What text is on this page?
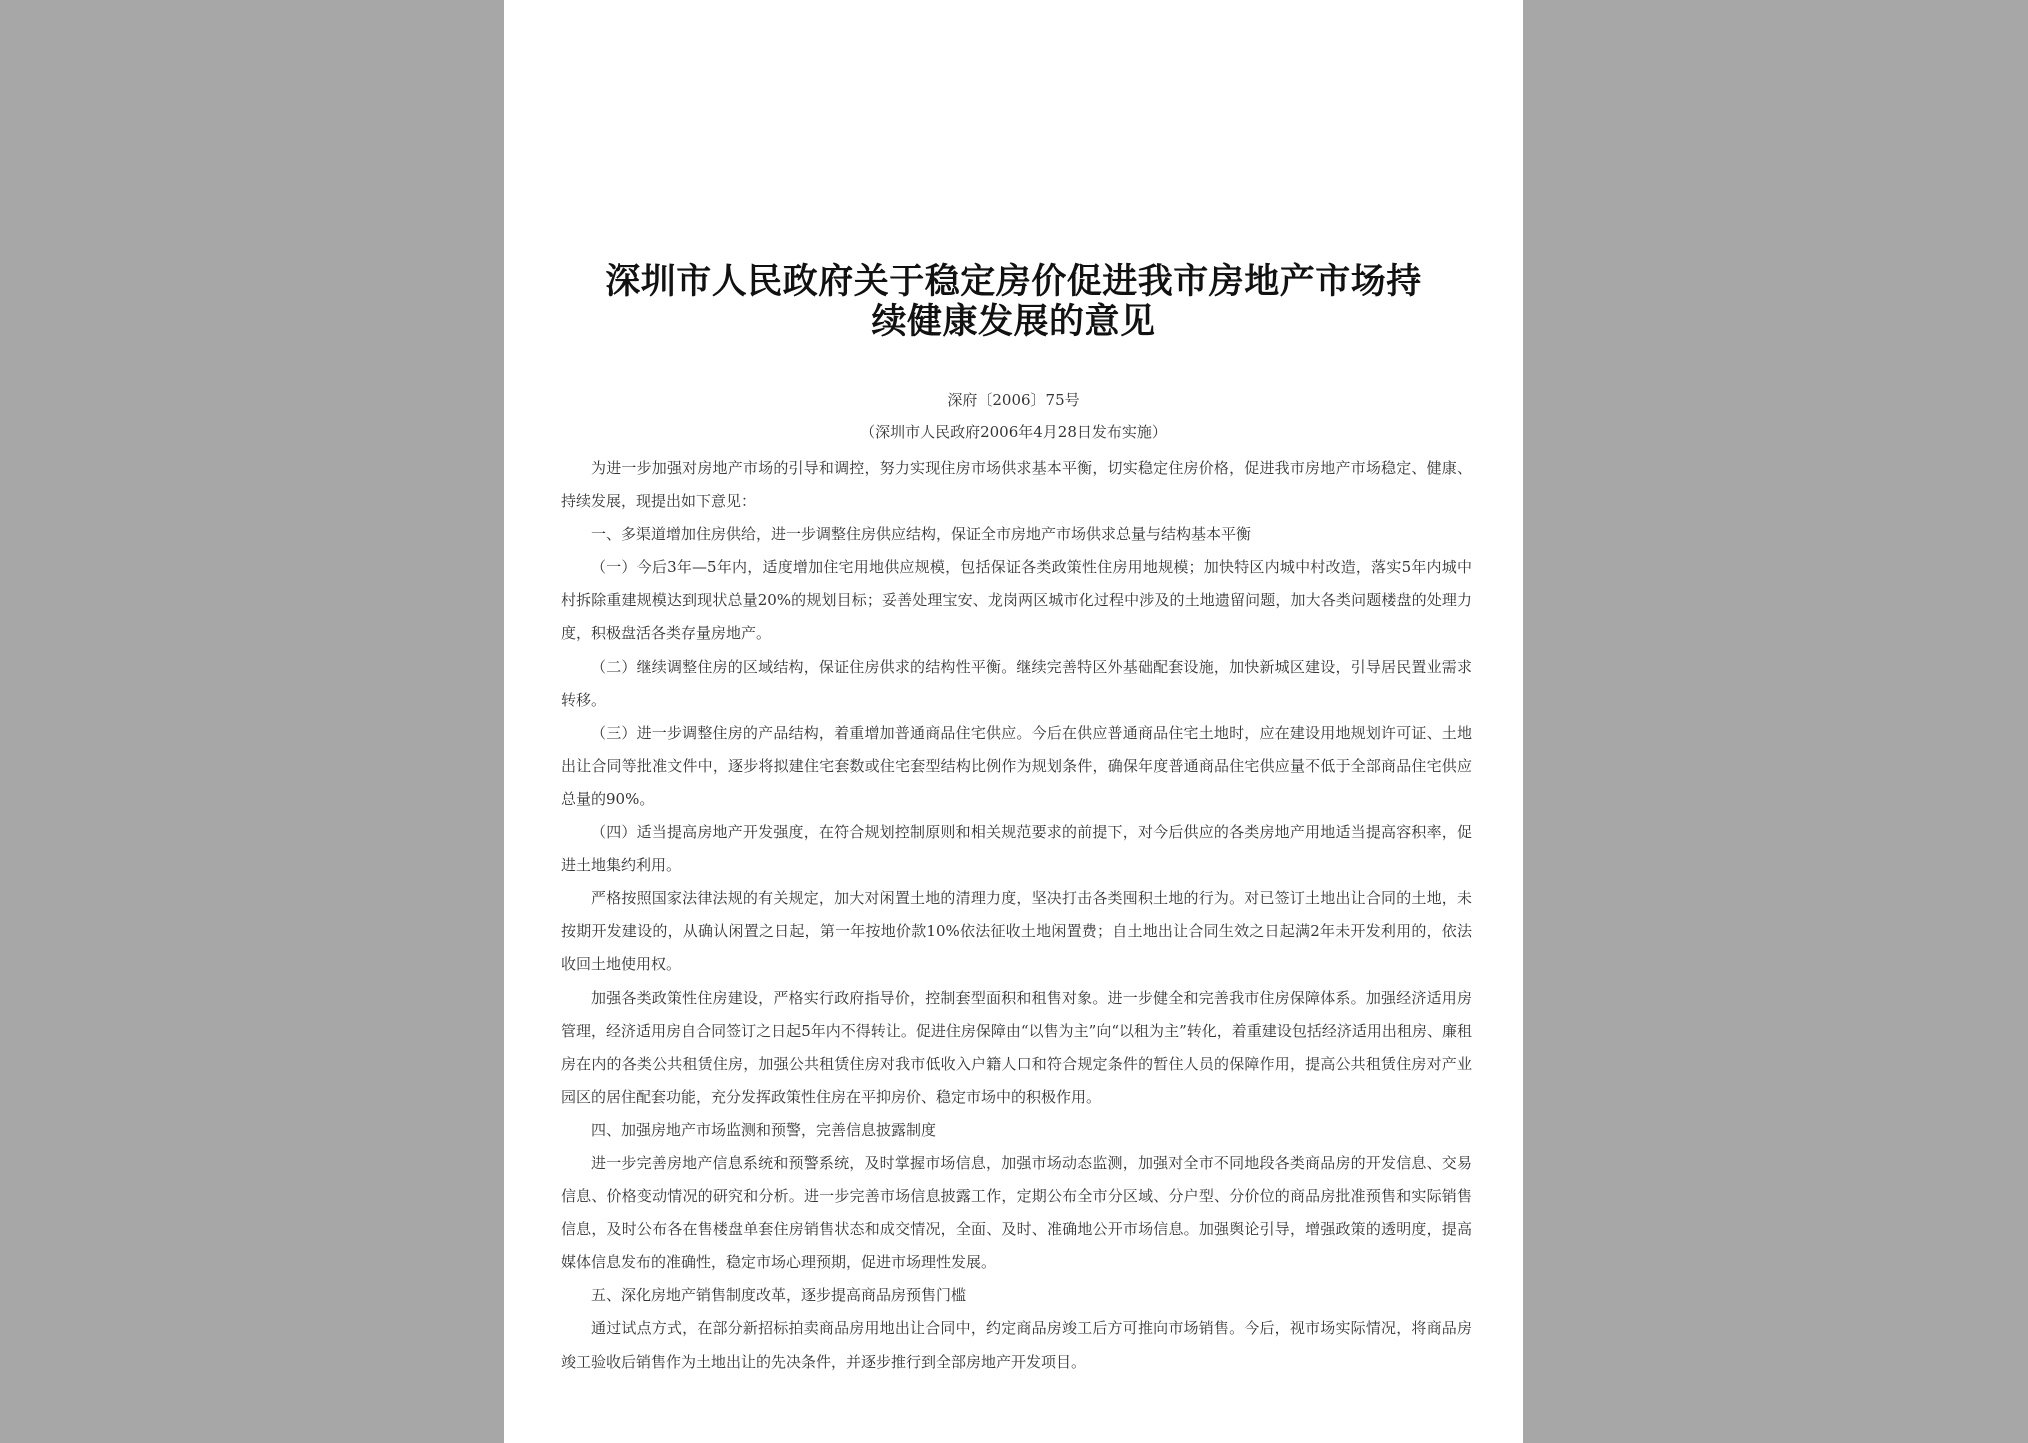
深圳市人民政府关于稳定房价促进我市房地产市场持
续健康发展的意见
深府〔2006〕75号
（深圳市人民政府2006年4月28日发布实施）

为进一步加强对房地产市场的引导和调控，努力实现住房市场供求基本平衡，切实稳定住房价格，促进我市房地产市场稳定、健康、持续发展，现提出如下意见：

一、多渠道增加住房供给，进一步调整住房供应结构，保证全市房地产市场供求总量与结构基本平衡

（一）今后3年—5年内，适度增加住宅用地供应规模，包括保证各类政策性住房用地规模；加快特区内城中村改造，落实5年内城中村拆除重建规模达到现状总量20%的规划目标；妥善处理宝安、龙岗两区城市化过程中涉及的土地遗留问题，加大各类问题楼盘的处理力度，积极盘活各类存量房地产。

（二）继续调整住房的区域结构，保证住房供求的结构性平衡。继续完善特区外基础配套设施，加快新城区建设，引导居民置业需求转移。

（三）进一步调整住房的产品结构，着重增加普通商品住宅供应。今后在供应普通商品住宅土地时，应在建设用地规划许可证、土地出让合同等批准文件中，逐步将拟建住宅套数或住宅套型结构比例作为规划条件，确保年度普通商品住宅供应量不低于全部商品住宅供应总量的90%。

（四）适当提高房地产开发强度，在符合规划控制原则和相关规范要求的前提下，对今后供应的各类房地产用地适当提高容积率，促进土地集约利用。

严格按照国家法律法规的有关规定，加大对闲置土地的清理力度，坚决打击各类囤积土地的行为。对已签订土地出让合同的土地，未按期开发建设的，从确认闲置之日起，第一年按地价款10%依法征收土地闲置费；自土地出让合同生效之日起满2年未开发利用的，依法收回土地使用权。

加强各类政策性住房建设，严格实行政府指导价，控制套型面积和租售对象。进一步健全和完善我市住房保障体系。加强经济适用房管理，经济适用房自合同签订之日起5年内不得转让。促进住房保障由“以售为主”向“以租为主”转化，着重建设包括经济适用出租房、廉租房在内的各类公共租赁住房，加强公共租赁住房对我市低收入户籍人口和符合规定条件的暂住人员的保障作用，提高公共租赁住房对产业园区的居住配套功能，充分发挥政策性住房在平抑房价、稳定市场中的积极作用。

四、加强房地产市场监测和预警，完善信息披露制度

进一步完善房地产信息系统和预警系统，及时掌握市场信息，加强市场动态监测，加强对全市不同地段各类商品房的开发信息、交易信息、价格变动情况的研究和分析。进一步完善市场信息披露工作，定期公布全市分区域、分户型、分价位的商品房批准预售和实际销售信息，及时公布各在售楼盘单套住房销售状态和成交情况，全面、及时、准确地公开市场信息。加强舆论引导，增强政策的透明度，提高媒体信息发布的准确性，稳定市场心理预期，促进市场理性发展。

五、深化房地产销售制度改革，逐步提高商品房预售门槛

通过试点方式，在部分新招标拍卖商品房用地出让合同中，约定商品房竣工后方可推向市场销售。今后，视市场实际情况，将商品房竣工验收后销售作为土地出让的先决条件，并逐步推行到全部房地产开发项目。
